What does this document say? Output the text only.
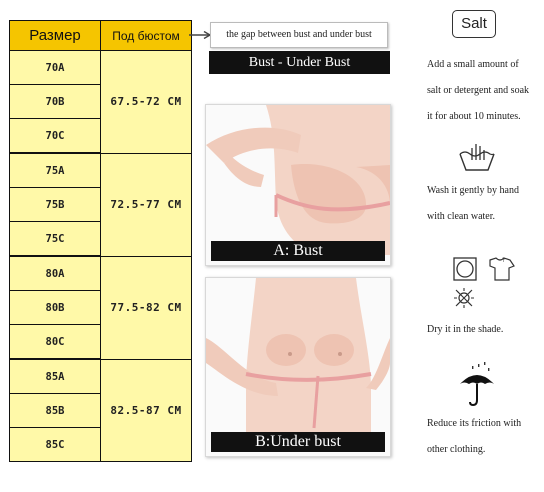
Размер	Под бюстом
70A	67.5-72 CM
70B	
70C	
75A	72.5-77 CM
75B	
75C	
80A	77.5-82 CM
80B	
80C	
85A	82.5-87 CM
85B	
85C	
the gap between bust and under bust
Bust - Under Bust
A: Bust
B:Under bust
Salt
Add a small amount of
salt or detergent and soak
it for about 10 minutes.
Wash it gently by hand
with clean water.
?
Dry it in the shade.
Reduce its friction with
other clothing.
